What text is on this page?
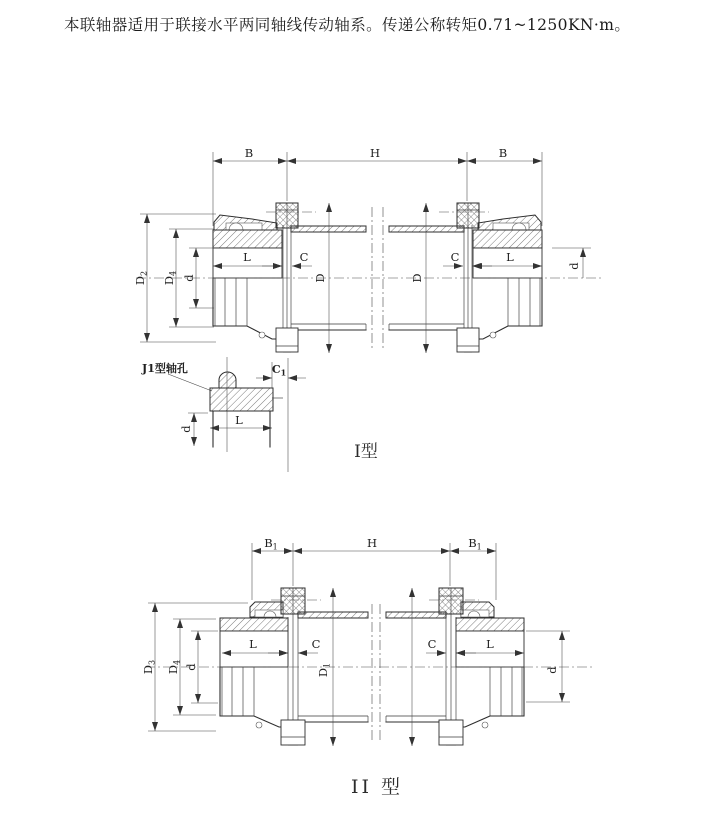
本联轴器适用于联接水平两同轴线传动轴系。传递公称转矩0.71~1250KN·m。
B	H	B
$D_2$
$D_4$
d
L	C
D	D
C	L
d
$C_1$
L
d
J1型轴孔
I型
$B_1$	H	$B_1$
$D_3$
$D_4$
d
L	C
$D_1$
C	L
d
II 型
